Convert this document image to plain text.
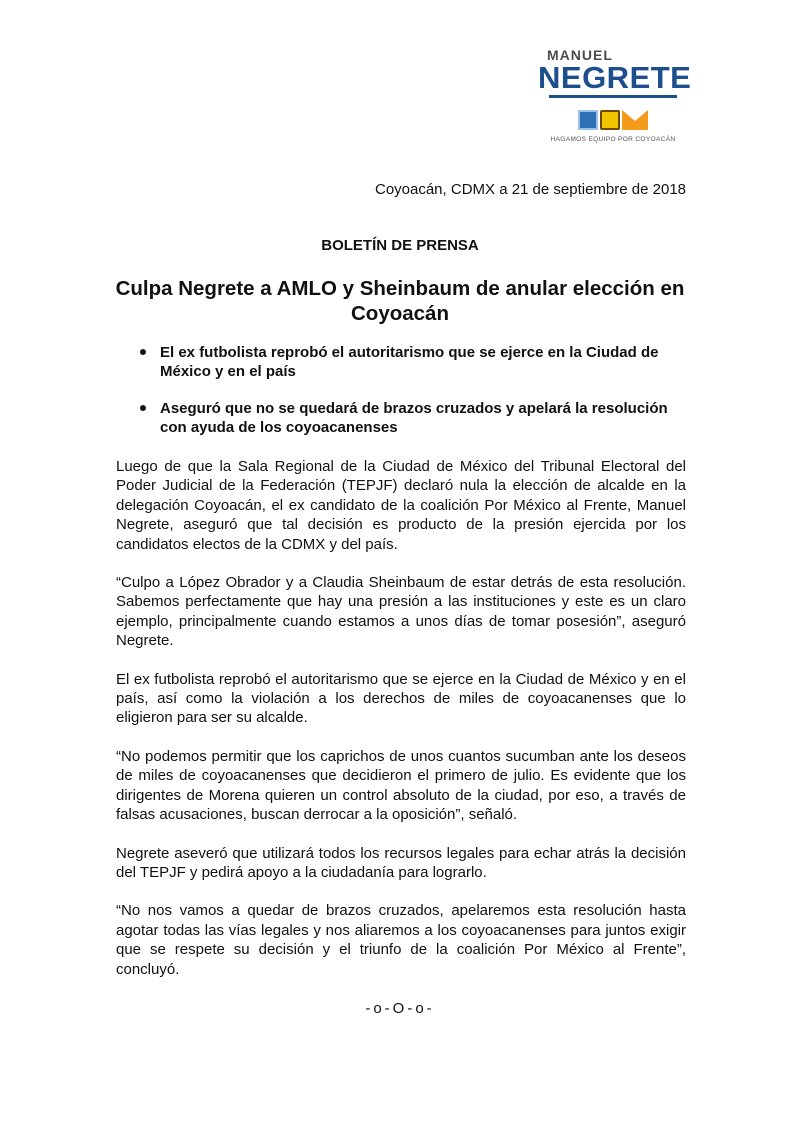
MANUEL
NEGRETE
HAGAMOS EQUIPO POR COYOACÁN
Coyoacán, CDMX a 21 de septiembre de 2018
BOLETÍN DE PRENSA
Culpa Negrete a AMLO y Sheinbaum de anular elección en Coyoacán
El ex futbolista reprobó el autoritarismo que se ejerce en la Ciudad de México y en el país
Aseguró que no se quedará de brazos cruzados y apelará la resolución con ayuda de los coyoacanenses

Luego de que la Sala Regional de la Ciudad de México del Tribunal Electoral del Poder Judicial de la Federación (TEPJF) declaró nula la elección de alcalde en la delegación Coyoacán, el ex candidato de la coalición Por México al Frente, Manuel Negrete, aseguró que tal decisión es producto de la presión ejercida por los candidatos electos de la CDMX y del país.

“Culpo a López Obrador y a Claudia Sheinbaum de estar detrás de esta resolución. Sabemos perfectamente que hay una presión a las instituciones y este es un claro ejemplo, principalmente cuando estamos a unos días de tomar posesión”, aseguró Negrete.

El ex futbolista reprobó el autoritarismo que se ejerce en la Ciudad de México y en el país, así como la violación a los derechos de miles de coyoacanenses que lo eligieron para ser su alcalde.

“No podemos permitir que los caprichos de unos cuantos sucumban ante los deseos de miles de coyoacanenses que decidieron el primero de julio. Es evidente que los dirigentes de Morena quieren un control absoluto de la ciudad, por eso, a través de falsas acusaciones, buscan derrocar a la oposición”, señaló.

Negrete aseveró que utilizará todos los recursos legales para echar atrás la decisión del TEPJF y pedirá apoyo a la ciudadanía para lograrlo.

“No nos vamos a quedar de brazos cruzados, apelaremos esta resolución hasta agotar todas las vías legales y nos aliaremos a los coyoacanenses para juntos exigir que se respete su decisión y el triunfo de la coalición Por México al Frente”, concluyó.

-o-O-o-
